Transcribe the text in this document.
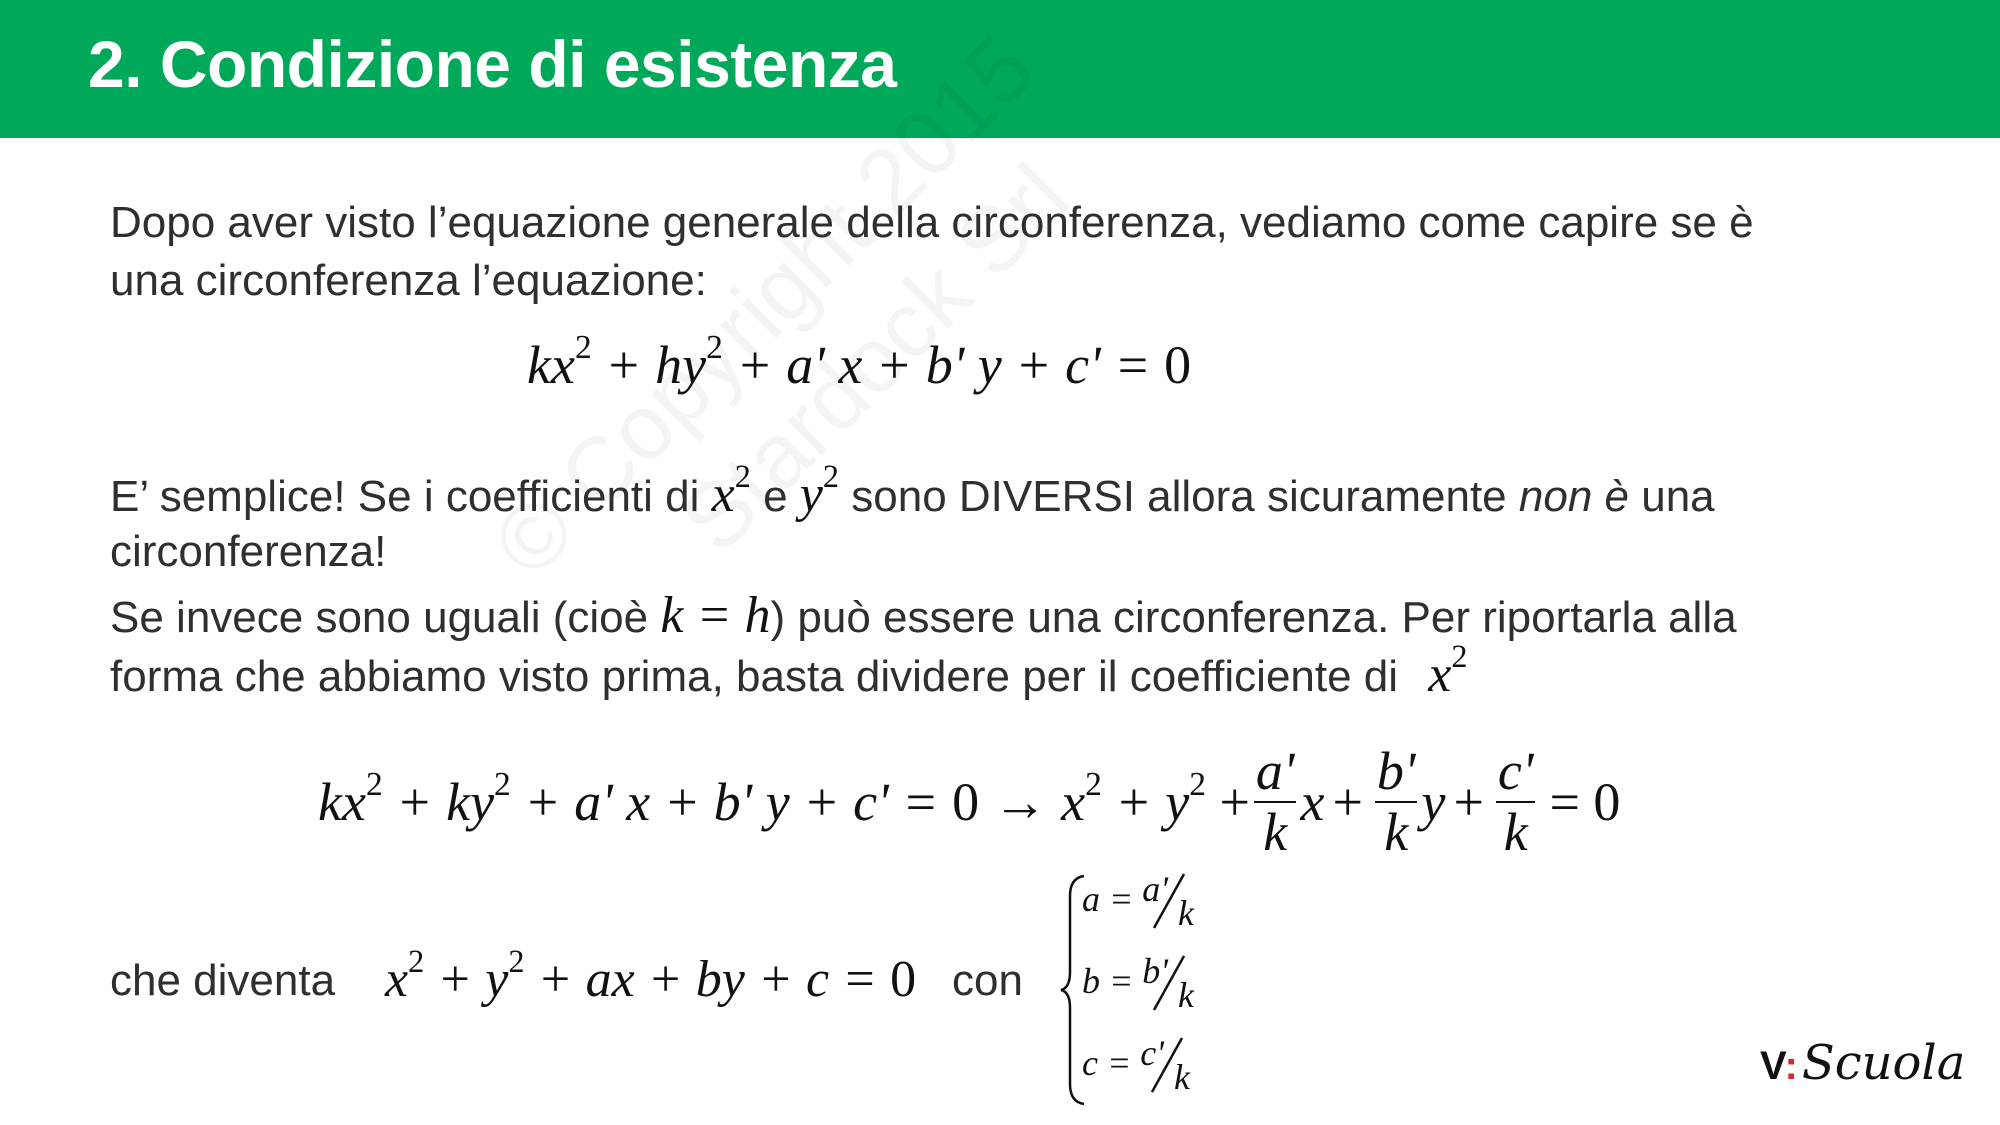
2. Condizione di esistenza
Dopo aver visto l’equazione generale della circonferenza, vediamo come capire se è
una circonferenza l’equazione:
$kx^2 + hy^2 + a'$ x + b' y + c' = 0
E’ semplice! Se i coefficienti di $x^2$ e $y^2$ sono DIVERSI allora sicuramente non è una
circonferenza!
Se invece sono uguali (cioè k = h) può essere una circonferenza. Per riportarla alla
forma che abbiamo visto prima, basta dividere per il coefficiente di $x^2$
$kx^2 + ky^2 + a'$ x + b' $y + c' = 0 \to x^2 + y^2 + \frac{a'}{k}$ $x + \frac{b'}{k}$ $y + \frac{c'}{k} = 0$
che diventa $x^2 + y^2$ + ax + by + c = 0 con
a = a'k
b = b'k
c = c'k	V:Scuola
